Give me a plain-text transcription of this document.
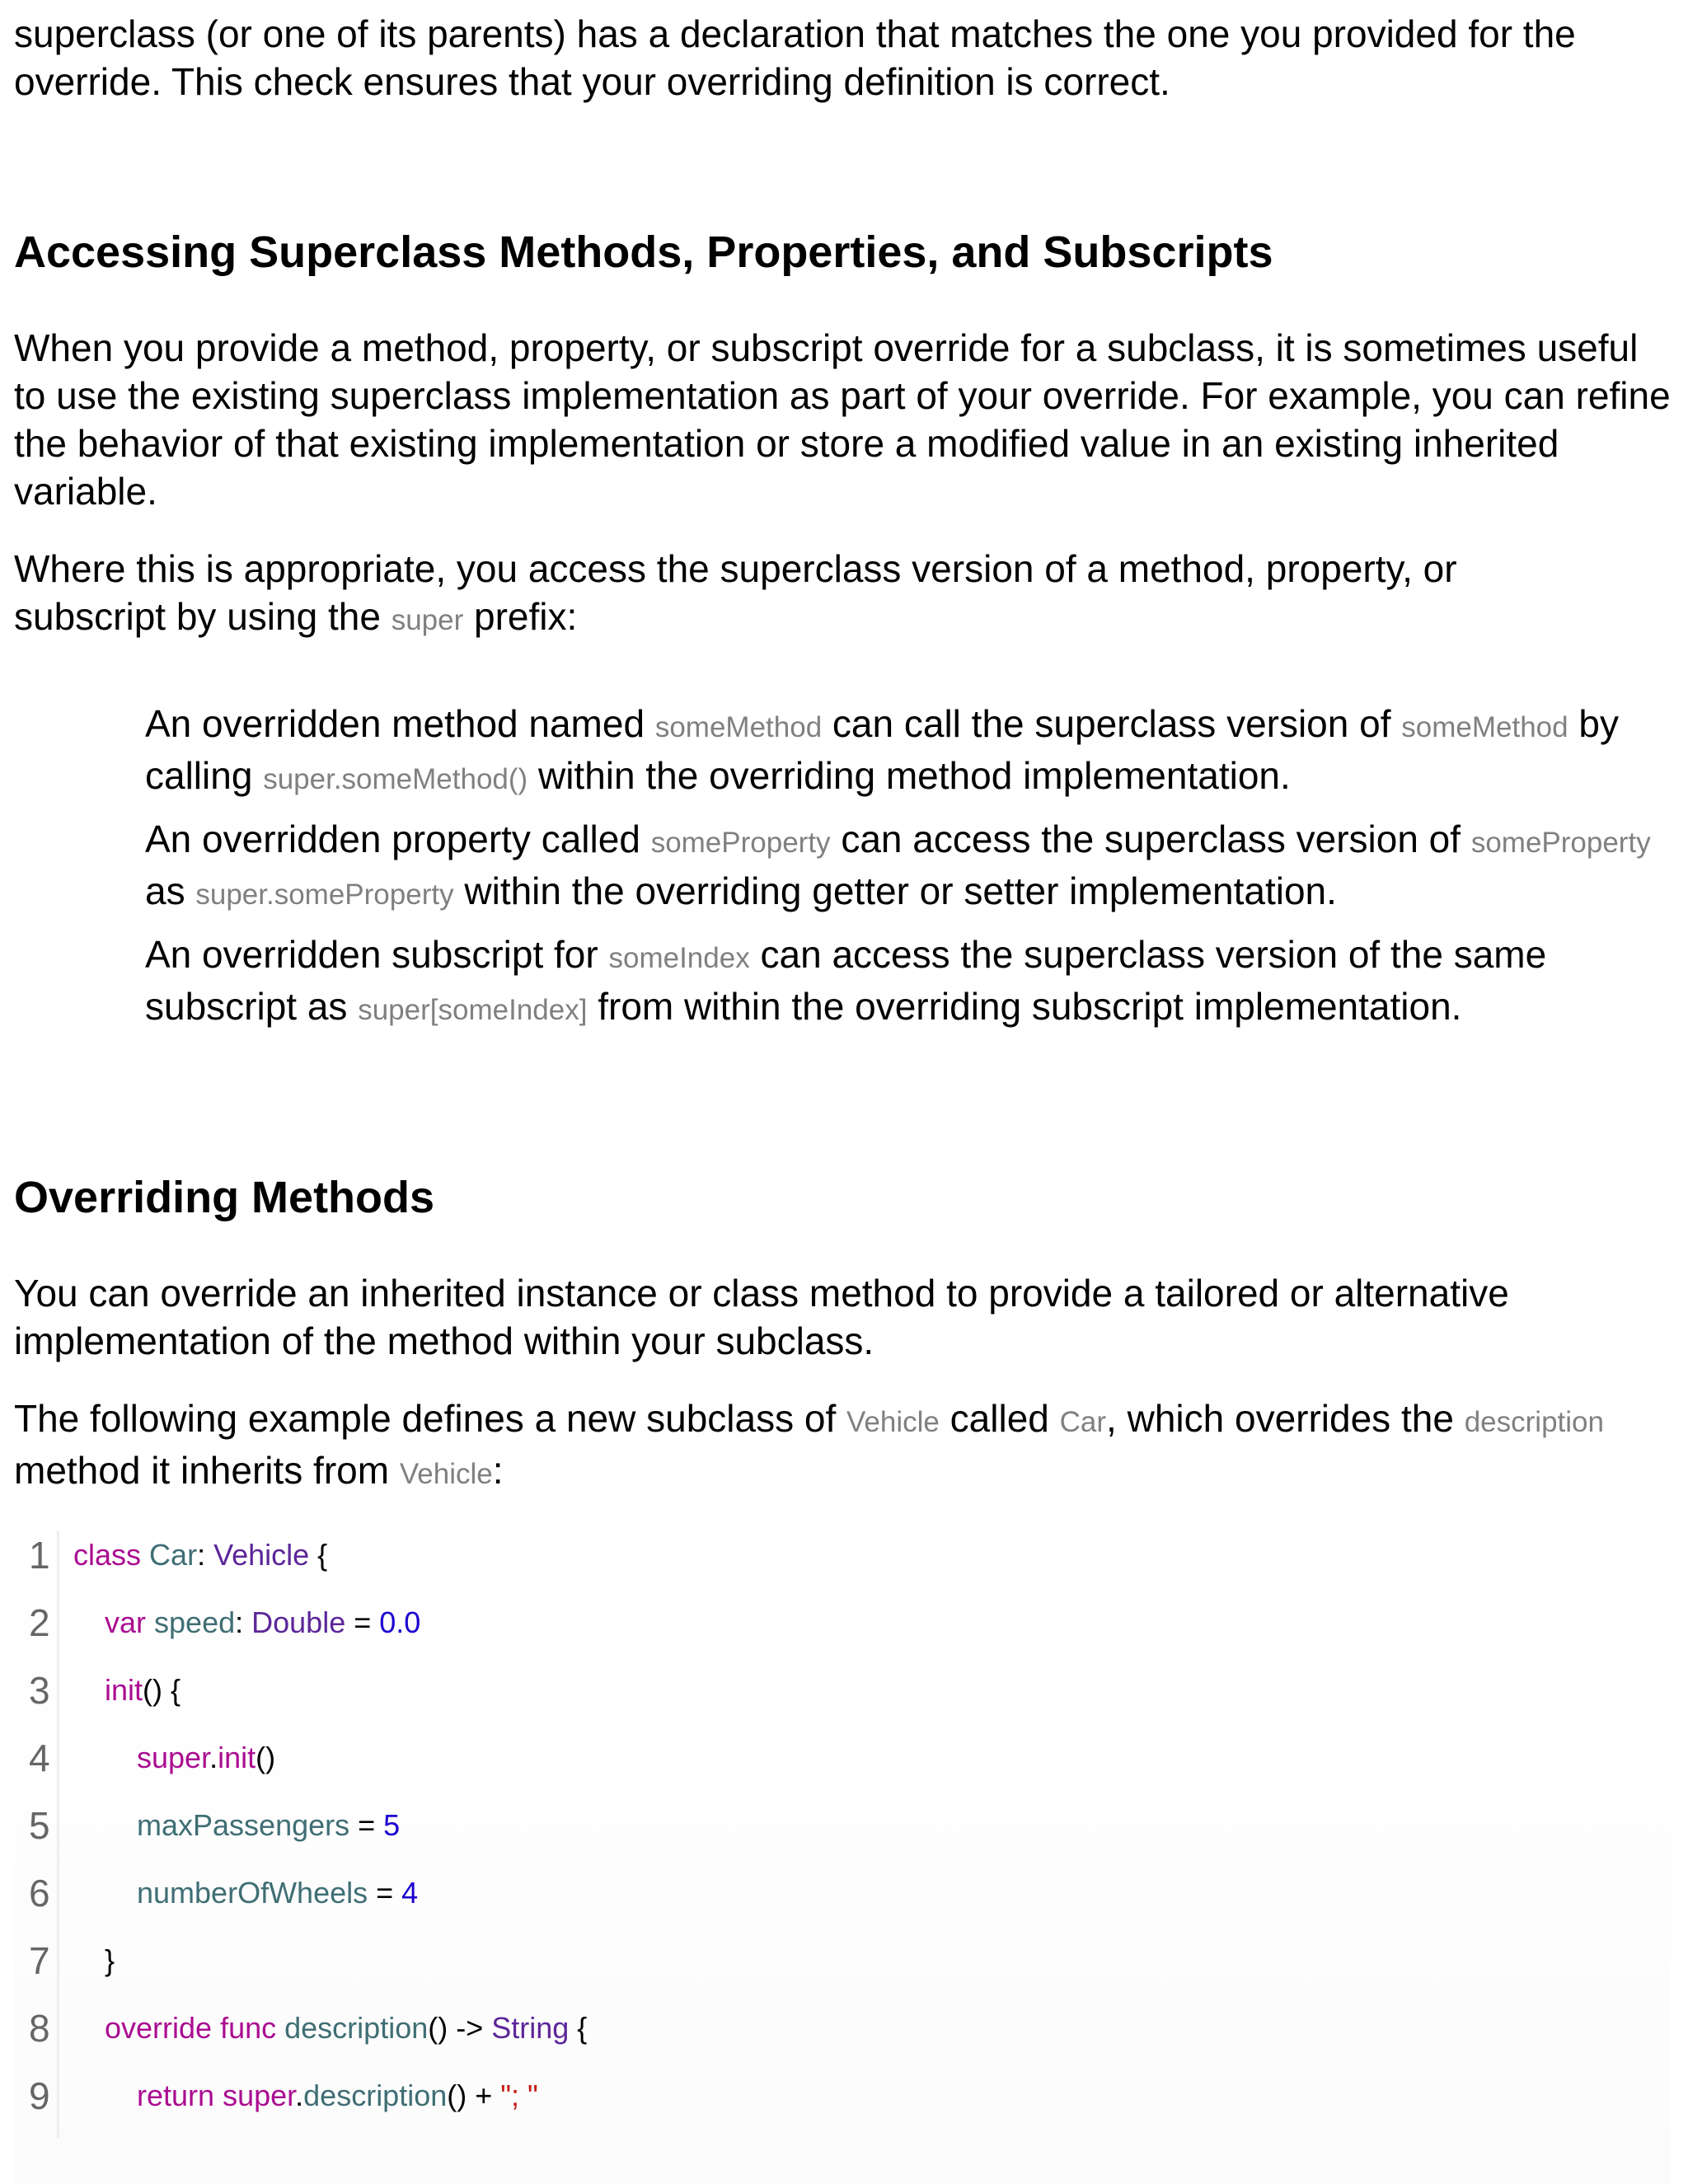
superclass (or one of its parents) has a declaration that matches the one you provided for the override. This check ensures that your overriding definition is correct.

Accessing Superclass Methods, Properties, and Subscripts

When you provide a method, property, or subscript override for a subclass, it is sometimes useful to use the existing superclass implementation as part of your override. For example, you can refine the behavior of that existing implementation or store a modified value in an existing inherited variable.

Where this is appropriate, you access the superclass version of a method, property, or subscript by using the super prefix:

An overridden method named someMethod can call the superclass version of someMethod by calling super.someMethod() within the overriding method implementation.

An overridden property called someProperty can access the superclass version of someProperty as super.someProperty within the overriding getter or setter implementation.

An overridden subscript for someIndex can access the superclass version of the same subscript as super[someIndex] from within the overriding subscript implementation.

Overriding Methods

You can override an inherited instance or class method to provide a tailored or alternative implementation of the method within your subclass.

The following example defines a new subclass of Vehicle called Car, which overrides the description method it inherits from Vehicle:

1
2
3
4
5
6
7
8
9
class Car: Vehicle {
var speed: Double = 0.0
init() {
super.init()
maxPassengers = 5
numberOfWheels = 4
}
override func description() -> String {
return super.description() + "; "
